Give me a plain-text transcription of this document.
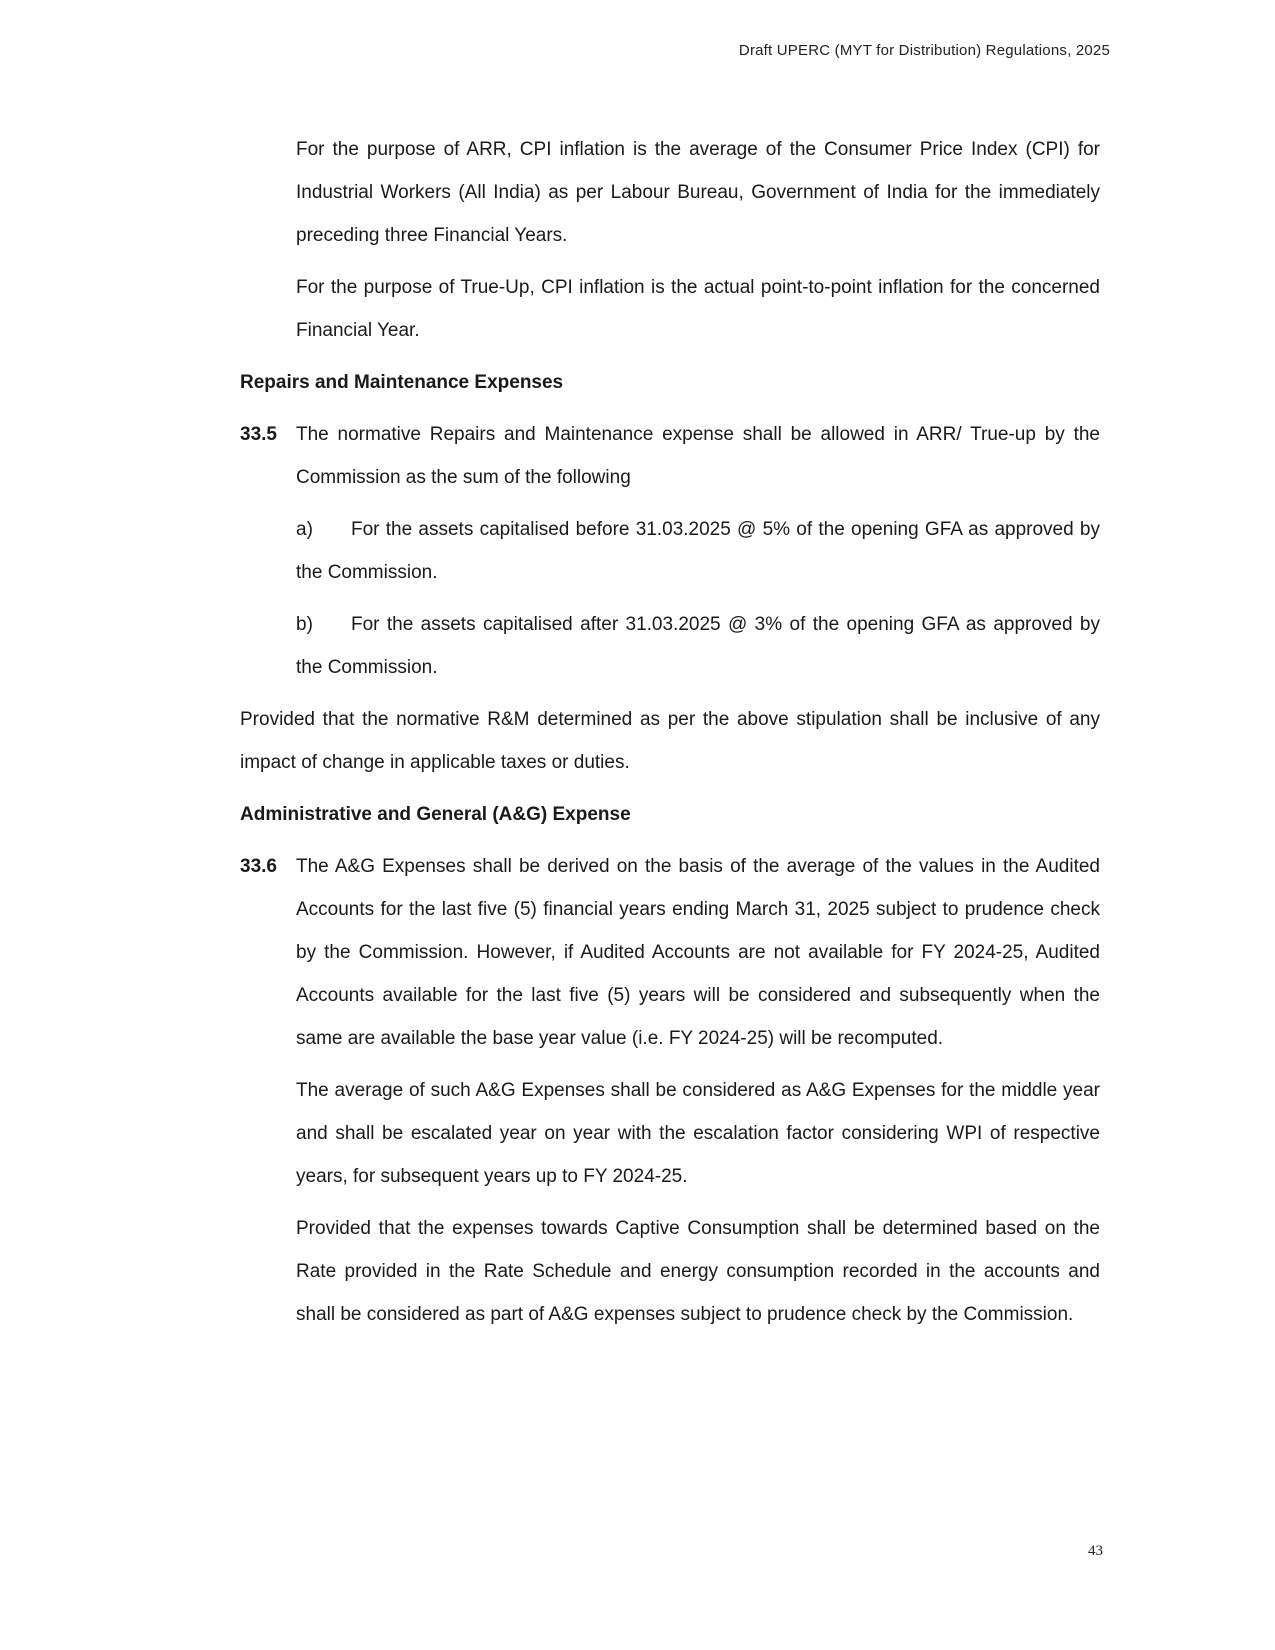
Draft UPERC (MYT for Distribution) Regulations, 2025

For the purpose of ARR, CPI inflation is the average of the Consumer Price Index (CPI) for Industrial Workers (All India) as per Labour Bureau, Government of India for the immediately preceding three Financial Years.

For the purpose of True-Up, CPI inflation is the actual point-to-point inflation for the concerned Financial Year.

Repairs and Maintenance Expenses
33.5	The normative Repairs and Maintenance expense shall be allowed in ARR/ True-up by the Commission as the sum of the following
a) For the assets capitalised before 31.03.2025 @ 5% of the opening GFA as approved by the Commission.
b) For the assets capitalised after 31.03.2025 @ 3% of the opening GFA as approved by the Commission.

Provided that the normative R&M determined as per the above stipulation shall be inclusive of any impact of change in applicable taxes or duties.

Administrative and General (A&G) Expense
33.6	The A&G Expenses shall be derived on the basis of the average of the values in the Audited Accounts for the last five (5) financial years ending March 31, 2025 subject to prudence check by the Commission. However, if Audited Accounts are not available for FY 2024-25, Audited Accounts available for the last five (5) years will be considered and subsequently when the same are available the base year value (i.e. FY 2024-25) will be recomputed.

The average of such A&G Expenses shall be considered as A&G Expenses for the middle year and shall be escalated year on year with the escalation factor considering WPI of respective years, for subsequent years up to FY 2024-25.

Provided that the expenses towards Captive Consumption shall be determined based on the Rate provided in the Rate Schedule and energy consumption recorded in the accounts and shall be considered as part of A&G expenses subject to prudence check by the Commission.

43
